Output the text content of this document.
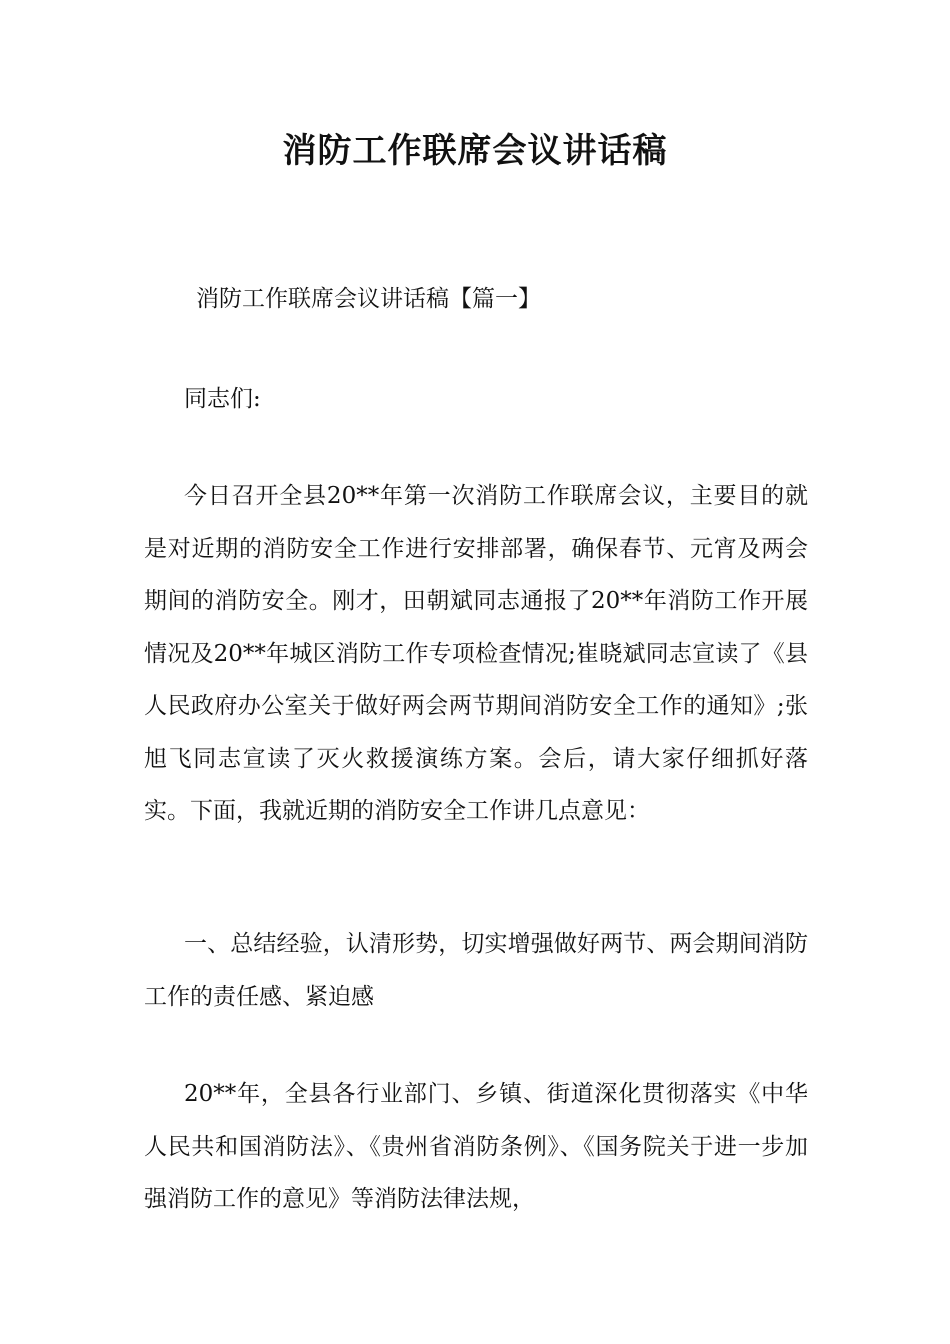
消防工作联席会议讲话稿
消防工作联席会议讲话稿【篇一】
同志们:

今日召开全县20**年第一次消防工作联席会议，主要目的就是对近期的消防安全工作进行安排部署，确保春节、元宵及两会期间的消防安全。刚才，田朝斌同志通报了20**年消防工作开展情况及20**年城区消防工作专项检查情况;崔晓斌同志宣读了《县人民政府办公室关于做好两会两节期间消防安全工作的通知》;张旭飞同志宣读了灭火救援演练方案。会后，请大家仔细抓好落实。下面，我就近期的消防安全工作讲几点意见：

一、总结经验，认清形势，切实增强做好两节、两会期间消防工作的责任感、紧迫感

20**年，全县各行业部门、乡镇、街道深化贯彻落实《中华人民共和国消防法》、《贵州省消防条例》、《国务院关于进一步加强消防工作的意见》等消防法律法规，
